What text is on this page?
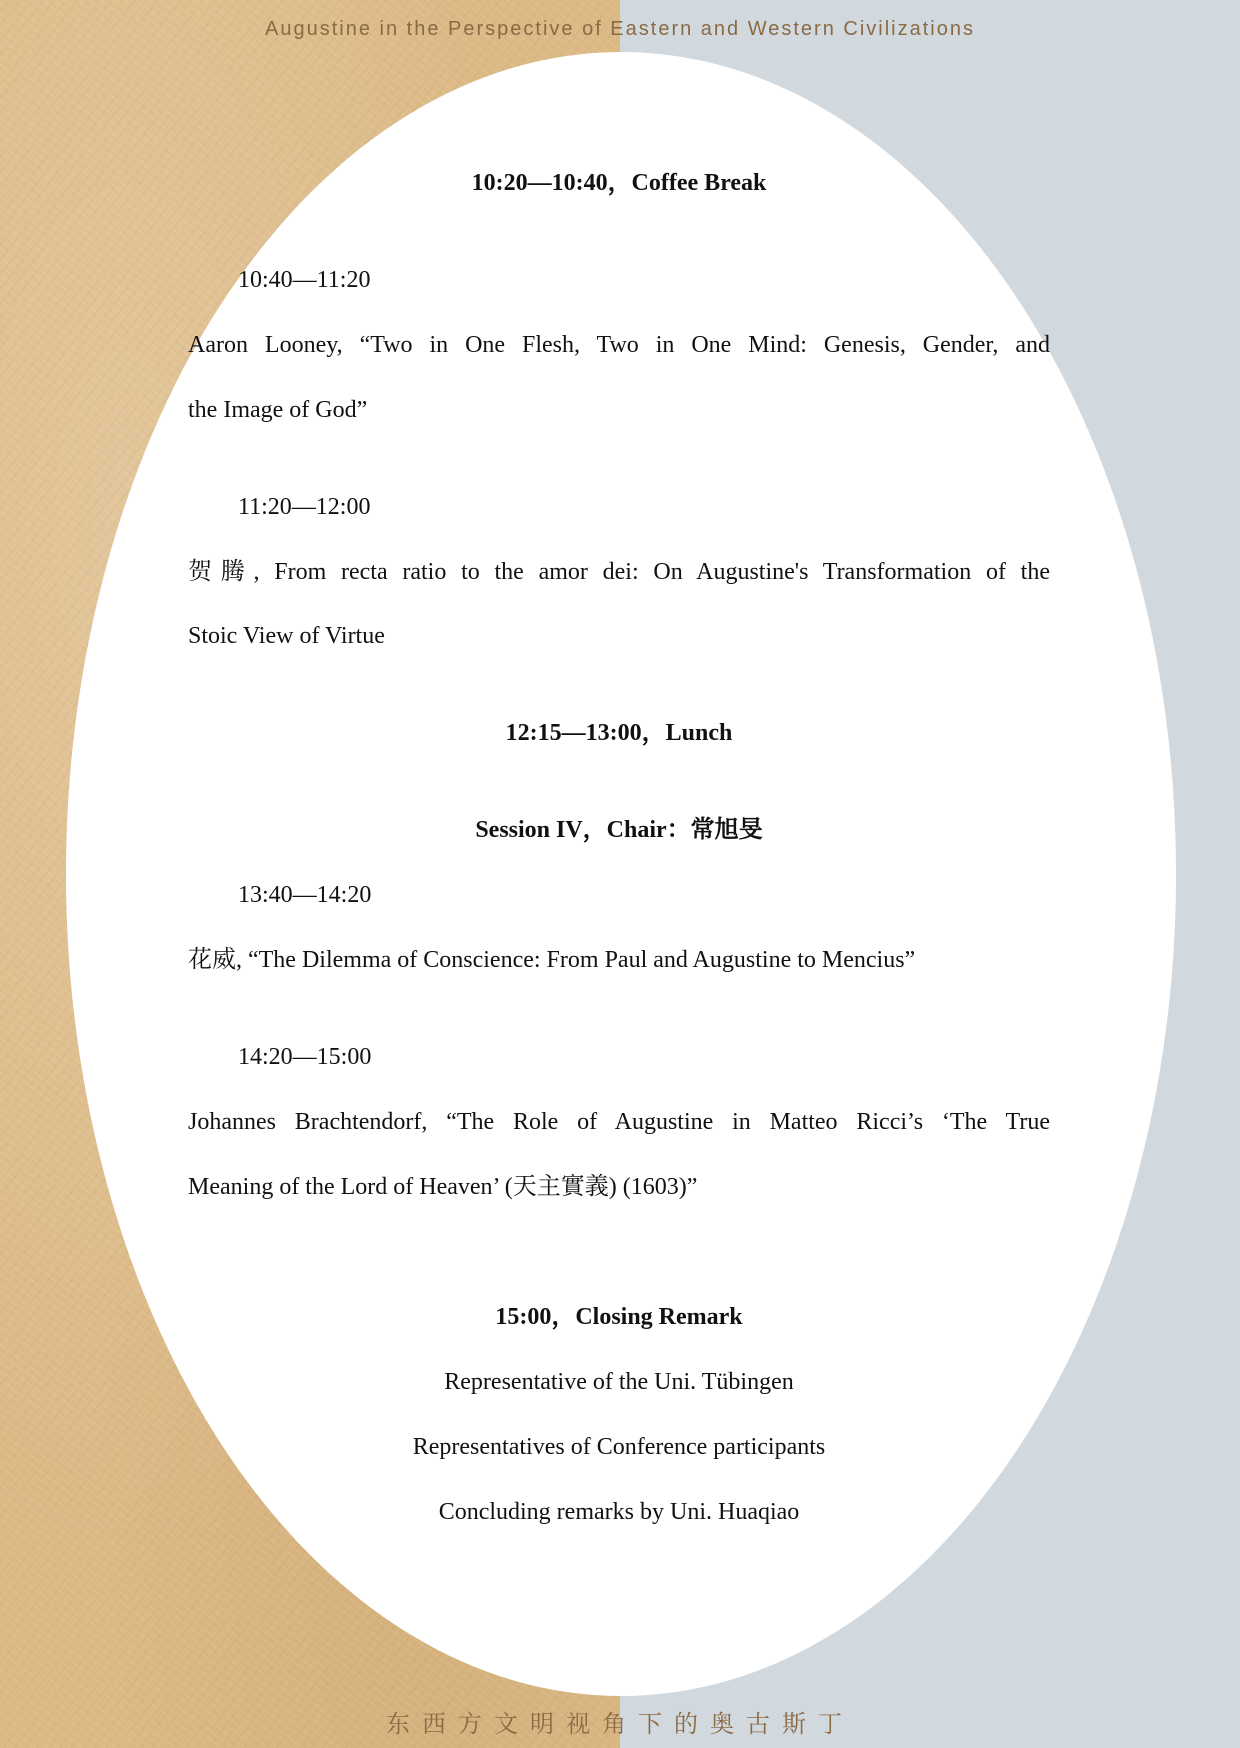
Augustine in the Perspective of Eastern and Western Civilizations
10:20—10:40，Coffee Break
10:40—11:20
Aaron Looney, “Two in One Flesh, Two in One Mind: Genesis, Gender, and
the Image of God”
11:20—12:00
贺腾, From recta ratio to the amor dei: On Augustine's Transformation of the
Stoic View of Virtue
12:15—13:00，Lunch
Session IV，Chair：常旭旻
13:40—14:20
花威, “The Dilemma of Conscience: From Paul and Augustine to Mencius”
14:20—15:00
Johannes Brachtendorf, “The Role of Augustine in Matteo Ricci’s ‘The True
Meaning of the Lord of Heaven’ (天主實義) (1603)”
15:00，Closing Remark
Representative of the Uni. Tübingen
Representatives of Conference participants
Concluding remarks by Uni. Huaqiao
东西方文明视角下的奥古斯丁
